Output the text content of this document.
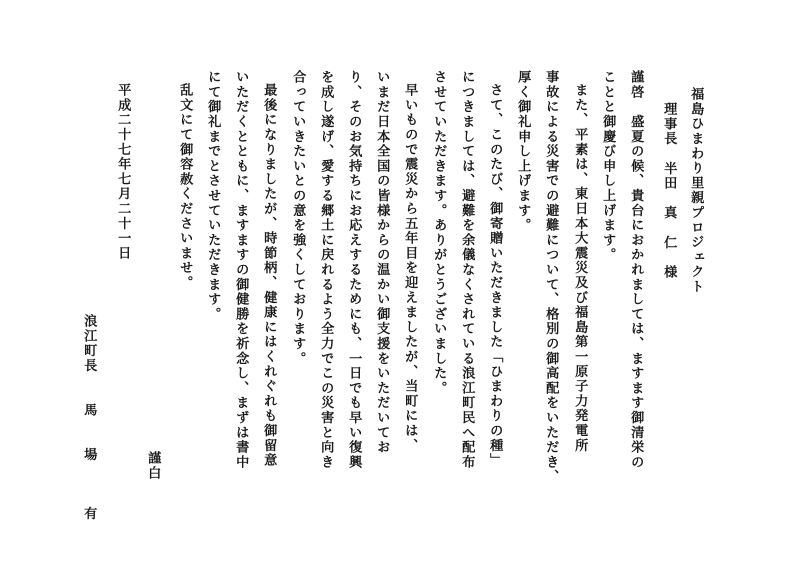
福島ひまわり里親プロジェクト
理事長　半田　真　仁　様
謹啓　盛夏の候、貴台におかれましては、ますます御清栄の
ことと御慶び申し上げます。
また、平素は、東日本大震災及び福島第一原子力発電所
事故による災害での避難について、格別の御高配をいただき、
厚く御礼申し上げます。
さて、このたび、御寄贈いただきました「ひまわりの種」
につきましては、避難を余儀なくされている浪江町民へ配布
させていただきます。ありがとうございました。
早いもので震災から五年目を迎えましたが、当町には、
いまだ日本全国の皆様からの温かい御支援をいただいてお
り、そのお気持ちにお応えするためにも、一日でも早い復興
を成し遂げ、愛する郷土に戻れるよう全力でこの災害と向き
合っていきたいとの意を強くしております。
最後になりましたが、時節柄、健康にはくれぐれも御留意
いただくとともに、ますますの御健勝を祈念し、まずは書中
にて御礼までとさせていただきます。
乱文にて御容赦くださいませ。
謹白
平成二十七年七月二十一日
浪江町長　　馬　　場　　　有
